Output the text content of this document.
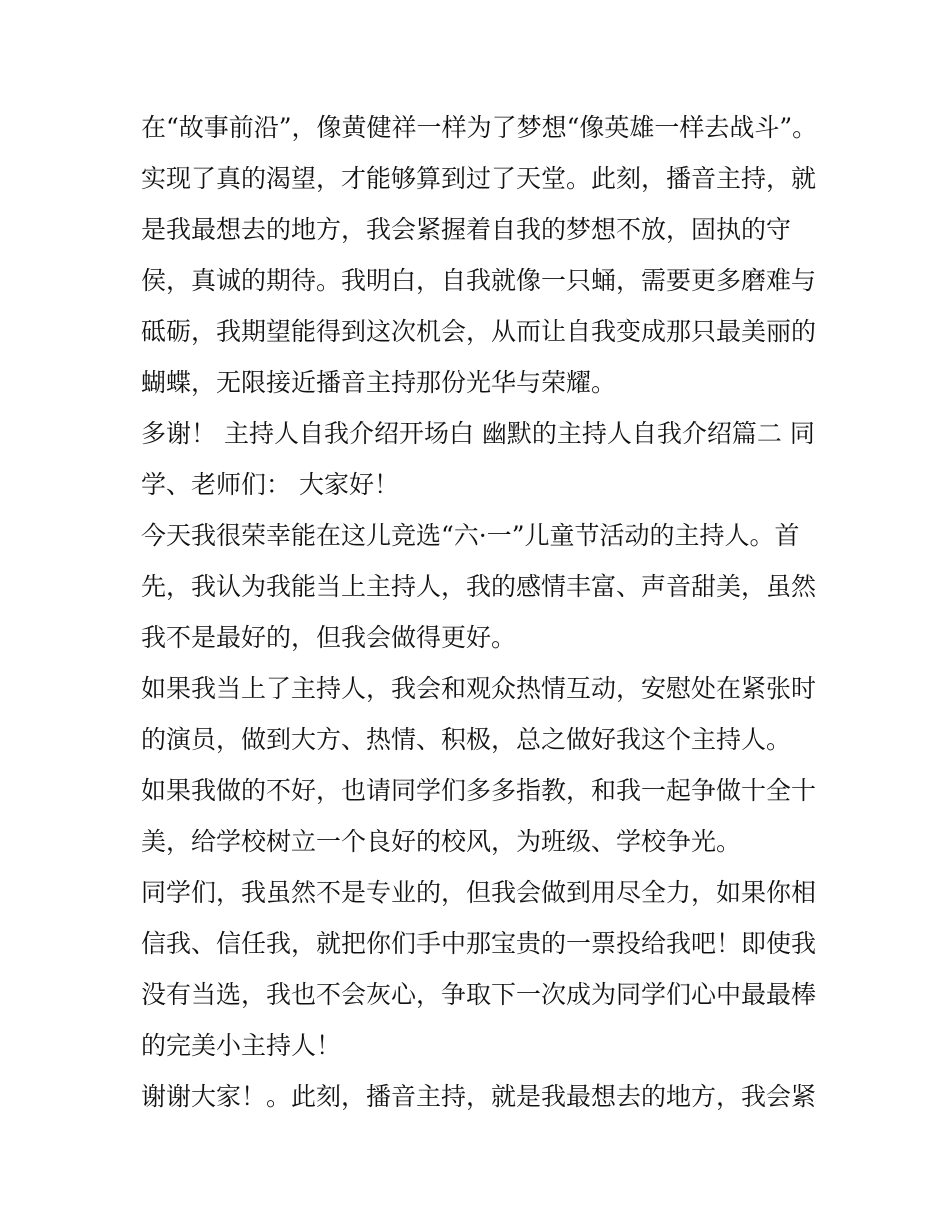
在“故事前沿”，像黄健祥一样为了梦想“像英雄一样去战斗”。
实现了真的渴望，才能够算到过了天堂。此刻，播音主持，就
是我最想去的地方，我会紧握着自我的梦想不放，固执的守
侯，真诚的期待。我明白，自我就像一只蛹，需要更多磨难与
砥砺，我期望能得到这次机会，从而让自我变成那只最美丽的
蝴蝶，无限接近播音主持那份光华与荣耀。
多谢！ 主持人自我介绍开场白 幽默的主持人自我介绍篇二 同
学、老师们： 大家好！
今天我很荣幸能在这儿竞选“六·一”儿童节活动的主持人。首
先，我认为我能当上主持人，我的感情丰富、声音甜美，虽然
我不是最好的，但我会做得更好。
如果我当上了主持人，我会和观众热情互动，安慰处在紧张时
的演员，做到大方、热情、积极，总之做好我这个主持人。
如果我做的不好，也请同学们多多指教，和我一起争做十全十
美，给学校树立一个良好的校风，为班级、学校争光。
同学们，我虽然不是专业的，但我会做到用尽全力，如果你相
信我、信任我，就把你们手中那宝贵的一票投给我吧！即使我
没有当选，我也不会灰心，争取下一次成为同学们心中最最棒
的完美小主持人！
谢谢大家！。此刻，播音主持，就是我最想去的地方，我会紧
